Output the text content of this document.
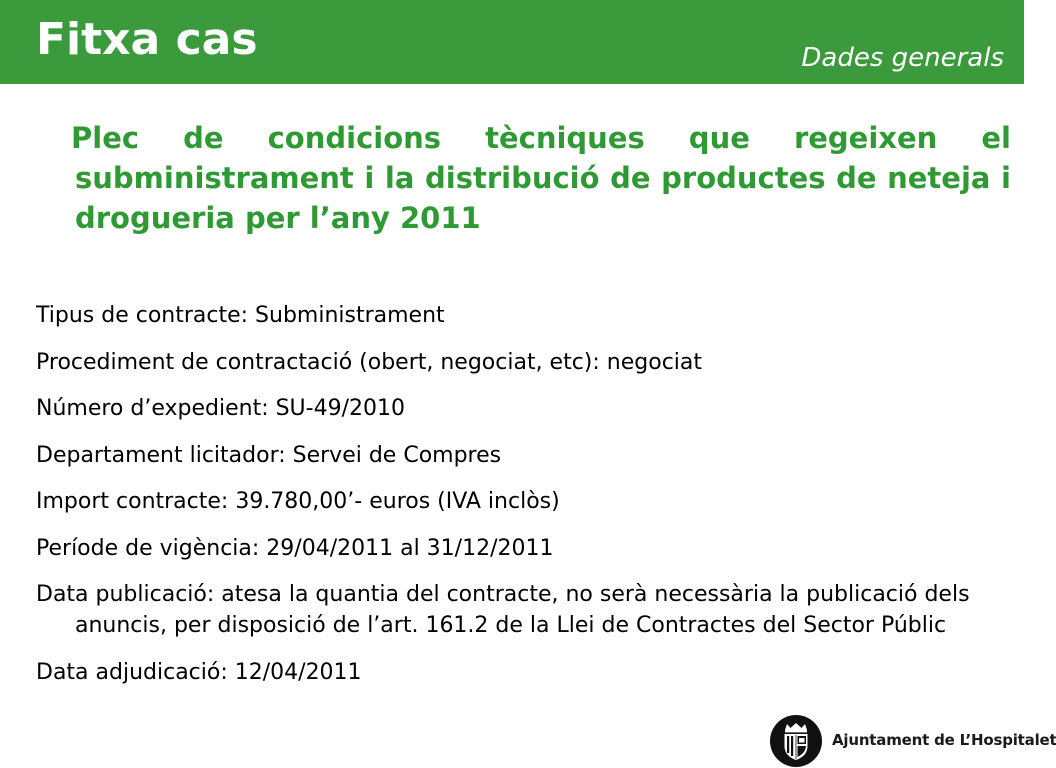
Fitxa cas	Dades generals
Plec de condicions tècniques que regeixen el subministrament i la distribució de productes de neteja i drogueria per l’any 2011
Tipus de contracte: Subministrament
Procediment de contractació (obert, negociat, etc): negociat
Número d’expedient: SU-49/2010
Departament licitador: Servei de Compres
Import contracte: 39.780,00’- euros (IVA inclòs)
Període de vigència: 29/04/2011 al 31/12/2011
Data publicació: atesa la quantia del contracte, no serà necessària la publicació dels anuncis, per disposició de l’art. 161.2 de la Llei de Contractes del Sector Públic
Data adjudicació: 12/04/2011
Ajuntament de L’Hospitalet
